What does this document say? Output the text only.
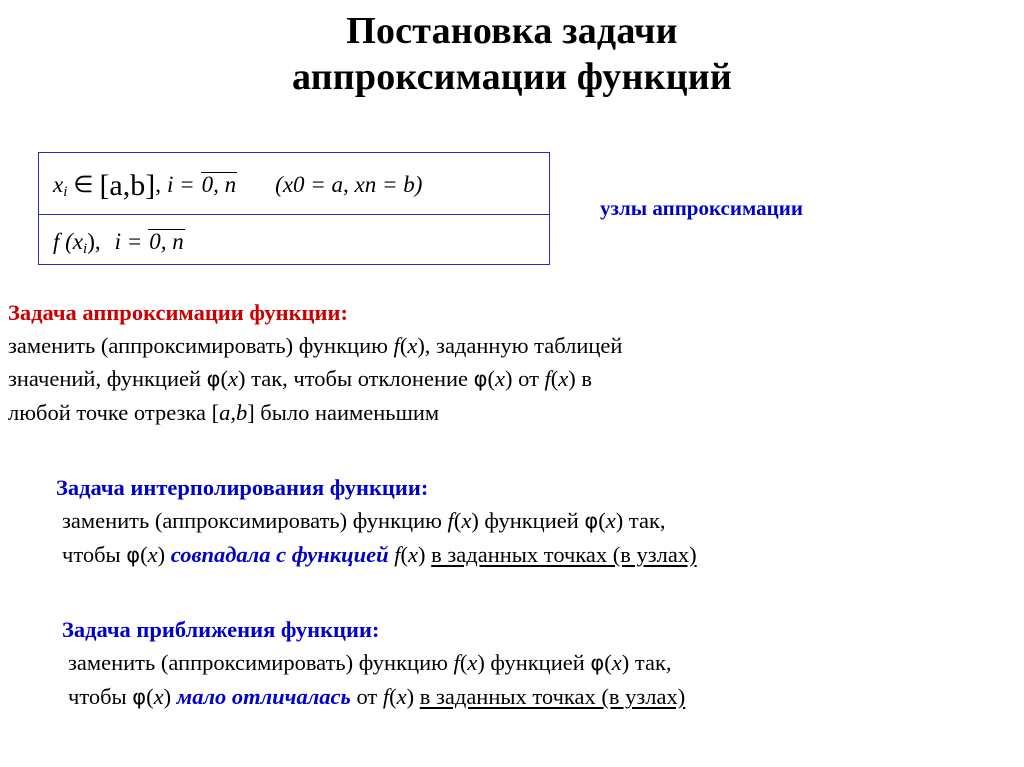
Постановка задачи
аппроксимации функций
$x_i$ ∈ [a,b], i = 0, n (x0 = a, xn = b)
f $(x_i)$, i = 0, n
узлы аппроксимации
Задача аппроксимации функции:
заменить (аппроксимировать) функцию f(x), заданную таблицей
значений, функцией φ(x) так, чтобы отклонение φ(x) от f(x) в
любой точке отрезка [a,b] было наименьшим
Задача интерполирования функции:
заменить (аппроксимировать) функцию f(x) функцией φ(x) так,
чтобы φ(x) совпадала с функцией f(x) в заданных точках (в узлах)
Задача приближения функции:
заменить (аппроксимировать) функцию f(x) функцией φ(x) так,
чтобы φ(x) мало отличалась от f(x) в заданных точках (в узлах)
